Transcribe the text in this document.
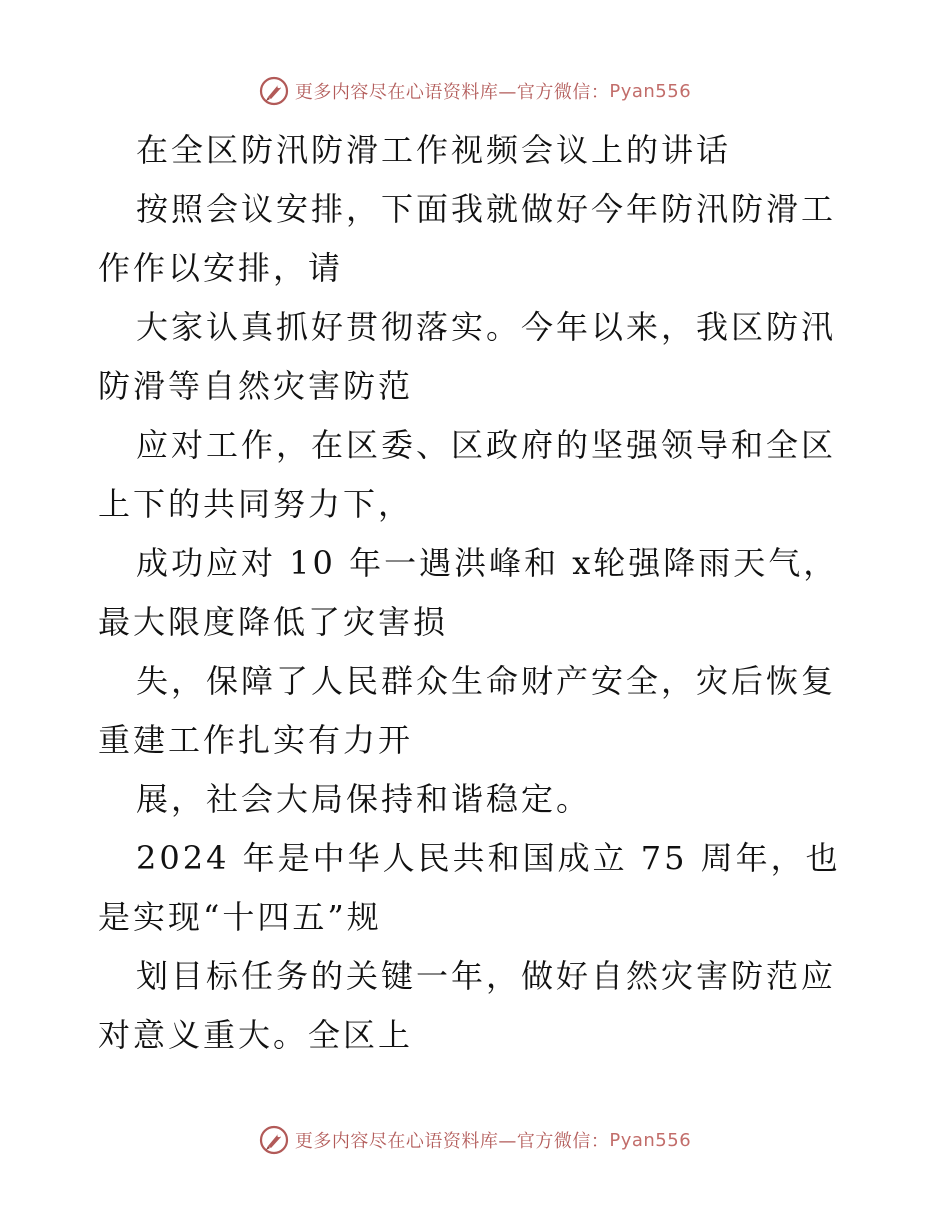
更多内容尽在心语资料库—官方微信： Pyan556

在全区防汛防滑工作视频会议上的讲话

按照会议安排，下面我就做好今年防汛防滑工作作以安排，请

大家认真抓好贯彻落实。今年以来，我区防汛防滑等自然灾害防范

应对工作，在区委、区政府的坚强领导和全区上下的共同努力下，

成功应对 10 年一遇洪峰和 x轮强降雨天气，最大限度降低了灾害损

失，保障了人民群众生命财产安全，灾后恢复重建工作扎实有力开

展，社会大局保持和谐稳定。

2024 年是中华人民共和国成立 75 周年，也是实现“十四五”规

划目标任务的关键一年，做好自然灾害防范应对意义重大。全区上

更多内容尽在心语资料库—官方微信： Pyan556
